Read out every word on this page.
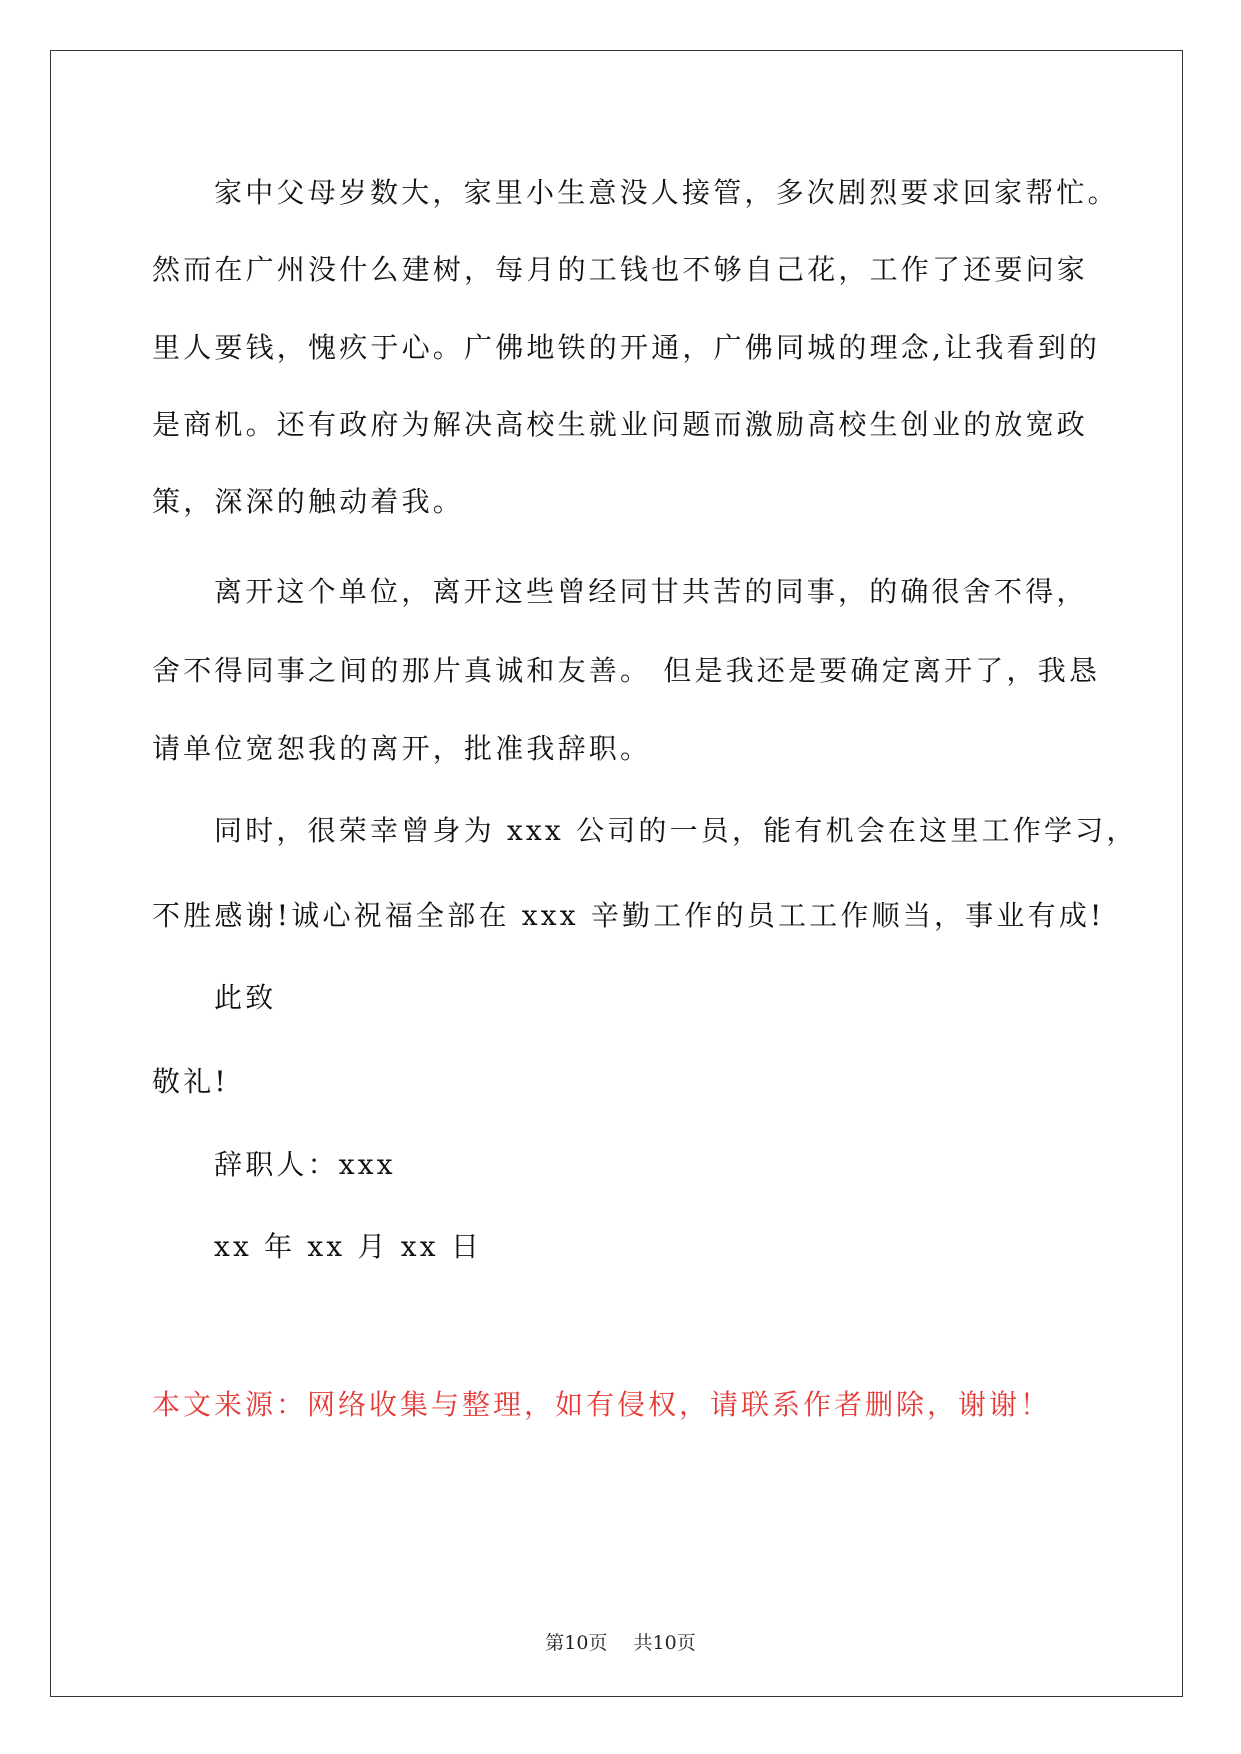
家中父母岁数大，家里小生意没人接管，多次剧烈要求回家帮忙。
然而在广州没什么建树，每月的工钱也不够自己花，工作了还要问家
里人要钱，愧疚于心。广佛地铁的开通，广佛同城的理念,让我看到的
是商机。还有政府为解决高校生就业问题而激励高校生创业的放宽政
策，深深的触动着我。
离开这个单位，离开这些曾经同甘共苦的同事，的确很舍不得，
舍不得同事之间的那片真诚和友善。 但是我还是要确定离开了，我恳
请单位宽恕我的离开，批准我辞职。
同时，很荣幸曾身为 xxx 公司的一员，能有机会在这里工作学习，
不胜感谢!诚心祝福全部在 xxx 辛勤工作的员工工作顺当，事业有成!
此致
敬礼!
辞职人：xxx
xx 年 xx 月 xx 日
本文来源：网络收集与整理，如有侵权，请联系作者删除，谢谢！
第10页 共10页
